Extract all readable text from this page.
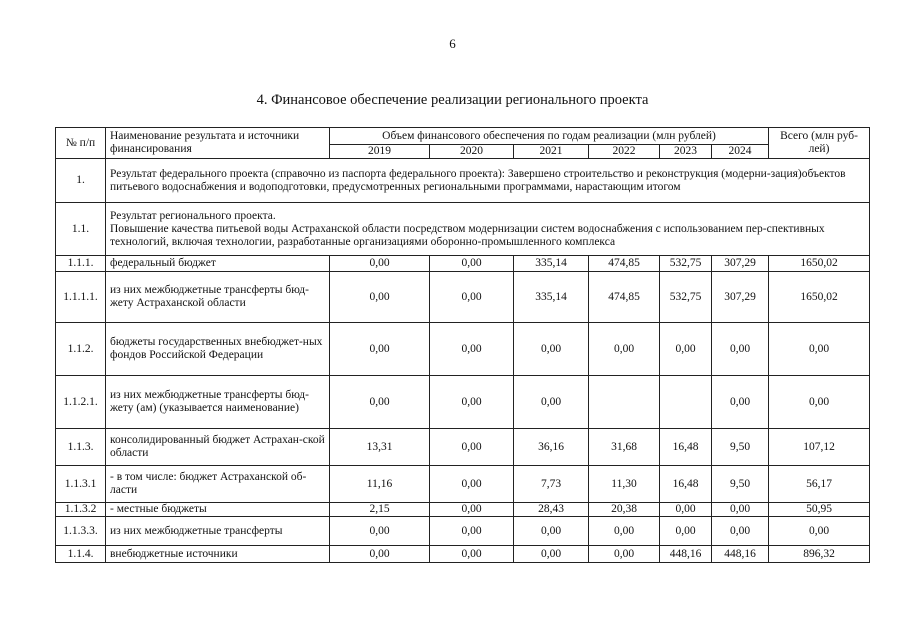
6
4. Финансовое обеспечение реализации регионального проекта
№ п/п	Наименование результата и источники финансирования	Объем финансового обеспечения по годам реализации (млн рублей)						Всего (млн руб-лей)
		2019	2020	2021	2022	2023	2024	
1.	Результат федерального проекта (справочно из паспорта федерального проекта): Завершено строительство и реконструкция (модерни-зация)объектов питьевого водоснабжения и водоподготовки, предусмотренных региональными программами, нарастающим итогом							
1.1.	Результат регионального проекта.
Повышение качества питьевой воды Астраханской области посредством модернизации систем водоснабжения с использованием пер-спективных технологий, включая технологии, разработанные организациями оборонно-промышленного комплекса							

1.1.1.	федеральный бюджет	0,00	0,00	335,14	474,85	532,75	307,29	1650,02
1.1.1.1.	из них межбюджетные трансферты бюд-жету Астраханской области	0,00	0,00	335,14	474,85	532,75	307,29	1650,02
1.1.2.	бюджеты государственных внебюджет-ных фондов Российской Федерации	0,00	0,00	0,00	0,00	0,00	0,00	0,00
1.1.2.1.	из них межбюджетные трансферты бюд-жету (ам) (указывается наименование)	0,00	0,00	0,00			0,00	0,00
1.1.3.	консолидированный бюджет Астрахан-ской области	13,31	0,00	36,16	31,68	16,48	9,50	107,12
1.1.3.1	- в том числе: бюджет Астраханской об-ласти	11,16	0,00	7,73	11,30	16,48	9,50	56,17
1.1.3.2	- местные бюджеты	2,15	0,00	28,43	20,38	0,00	0,00	50,95
1.1.3.3.	из них межбюджетные трансферты	0,00	0,00	0,00	0,00	0,00	0,00	0,00
1.1.4.	внебюджетные источники	0,00	0,00	0,00	0,00	448,16	448,16	896,32
